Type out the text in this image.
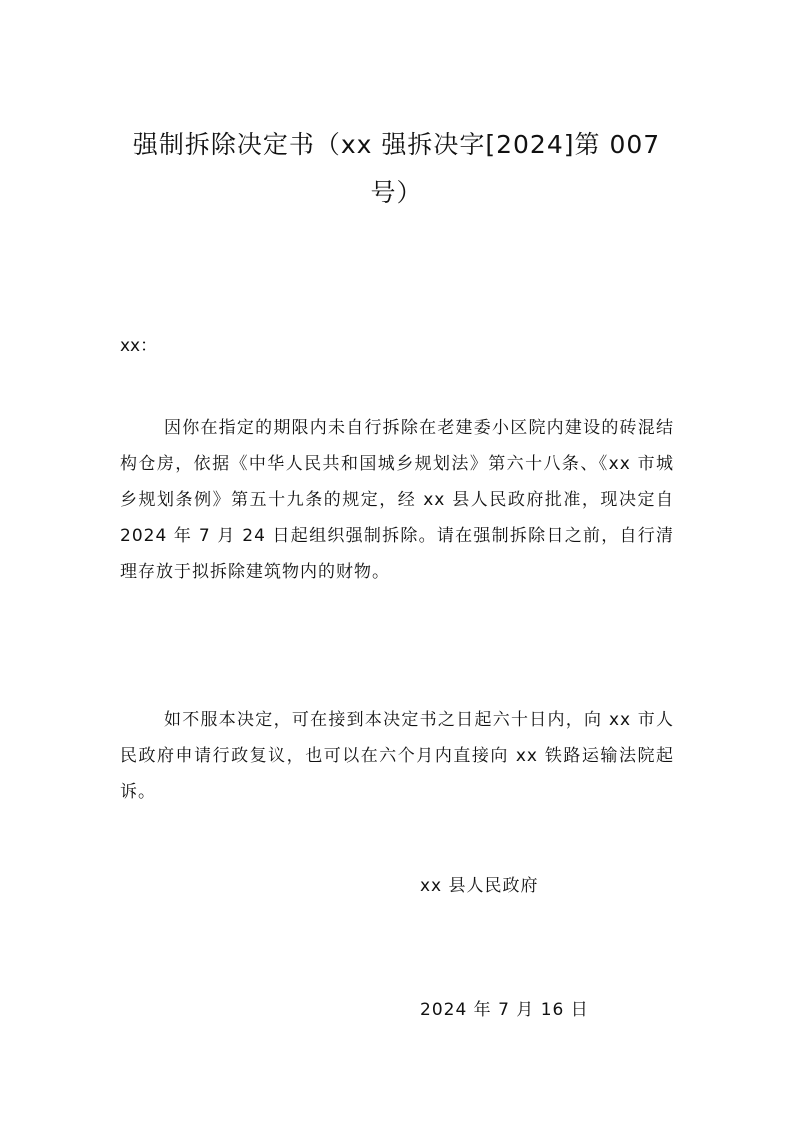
强制拆除决定书（xx 强拆决字[2024]第 007 号）

xx：

因你在指定的期限内未自行拆除在老建委小区院内建设的砖混结构仓房，依据《中华人民共和国城乡规划法》第六十八条、《xx 市城乡规划条例》第五十九条的规定，经 xx 县人民政府批准，现决定自 2024 年 7 月 24 日起组织强制拆除。请在强制拆除日之前，自行清理存放于拟拆除建筑物内的财物。

如不服本决定，可在接到本决定书之日起六十日内，向 xx 市人民政府申请行政复议，也可以在六个月内直接向 xx 铁路运输法院起诉。

xx 县人民政府

2024 年 7 月 16 日
